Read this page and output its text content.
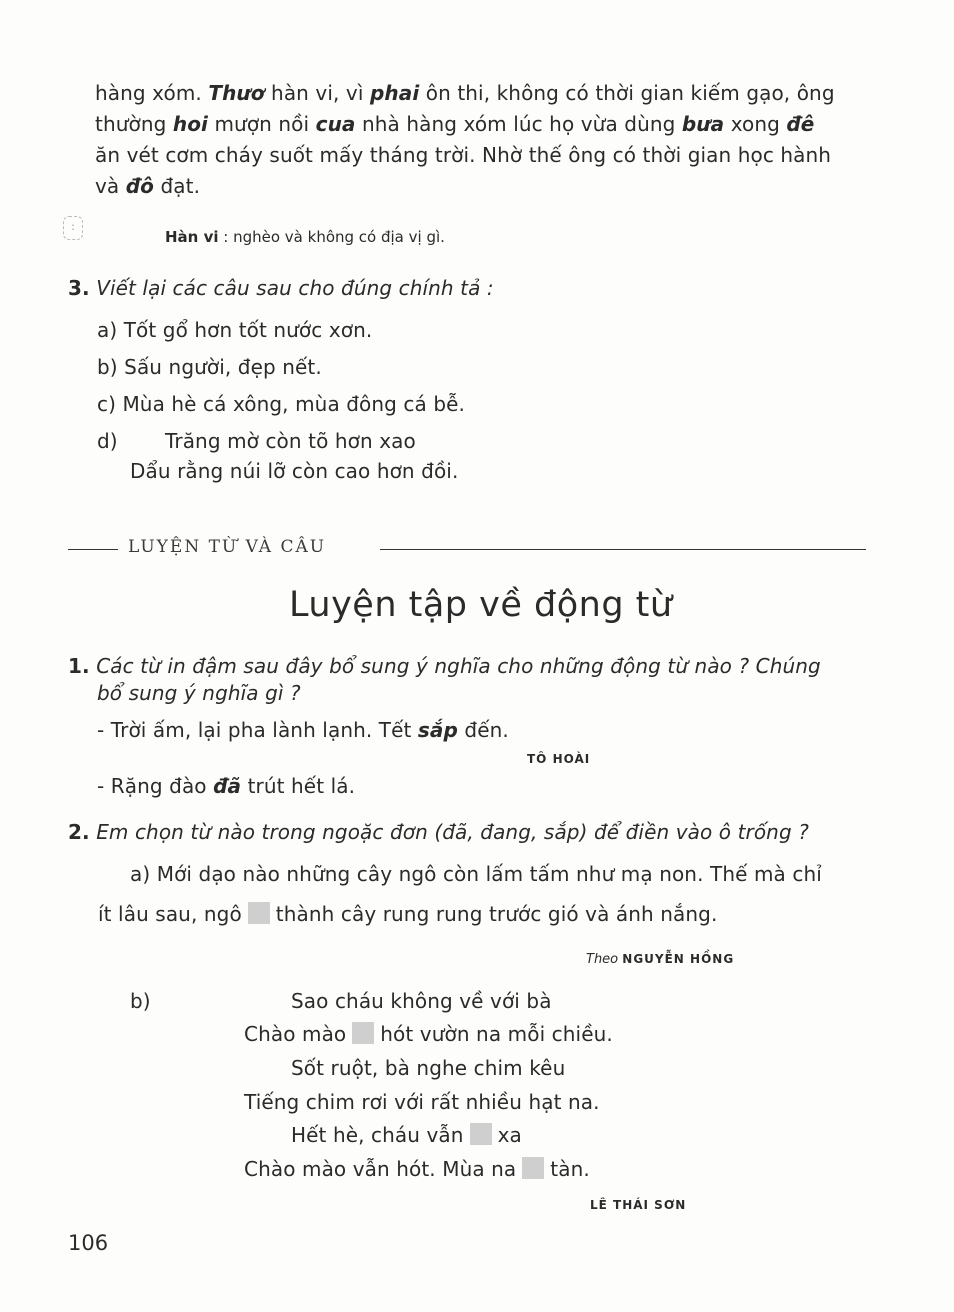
hàng xóm. Thươ hàn vi, vì phai ôn thi, không có thời gian kiếm gạo, ông
thường hoi mượn nồi cua nhà hàng xóm lúc họ vừa dùng bưa xong đê
ăn vét cơm cháy suốt mấy tháng trời. Nhờ thế ông có thời gian học hành
và đô đạt.
:
Hàn vi : nghèo và không có địa vị gì.
3. Viết lại các câu sau cho đúng chính tả :
a) Tốt gổ hơn tốt nước xơn.
b) Sấu người, đẹp nết.
c) Mùa hè cá xông, mùa đông cá bễ.
d) Trăng mờ còn tõ hơn xao
Dẩu rằng núi lỡ còn cao hơn đồi.
LUYỆN TỪ VÀ CÂU
Luyện tập về động từ
1. Các từ in đậm sau đây bổ sung ý nghĩa cho những động từ nào ? Chúng
bổ sung ý nghĩa gì ?
- Trời ấm, lại pha lành lạnh. Tết sắp đến.
TÔ HOÀI
- Rặng đào đã trút hết lá.
2. Em chọn từ nào trong ngoặc đơn (đã, đang, sắp) để điền vào ô trống ?
a) Mới dạo nào những cây ngô còn lấm tấm như mạ non. Thế mà chỉ
ít lâu sau, ngô thành cây rung rung trước gió và ánh nắng.
Theo NGUYỄN HỒNG
b)	Sao cháu không về với bà
Chào mào hót vườn na mỗi chiều.
Sốt ruột, bà nghe chim kêu
Tiếng chim rơi với rất nhiều hạt na.
Hết hè, cháu vẫn xa
Chào mào vẫn hót. Mùa na tàn.
LÊ THÁI SƠN
106
